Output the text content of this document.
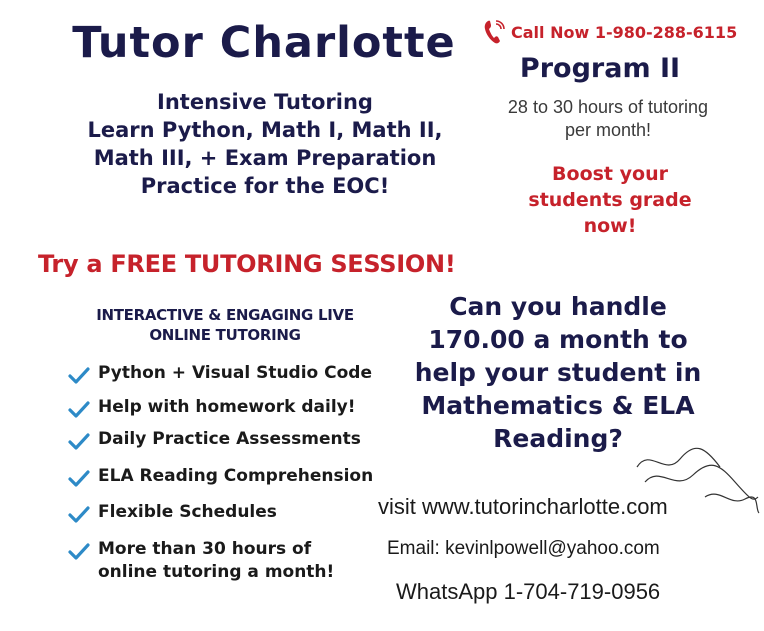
Tutor Charlotte
Intensive Tutoring
Learn Python, Math I, Math II,
Math III, + Exam Preparation
Practice for the EOC!
Call Now 1-980-288-6115
Program II
28 to 30 hours of tutoring
per month!
Boost your
students grade
now!
Try a FREE TUTORING SESSION!
INTERACTIVE & ENGAGING LIVE
ONLINE TUTORING
Python + Visual Studio Code
Help with homework daily!
Daily Practice Assessments
ELA Reading Comprehension
Flexible Schedules
More than 30 hours of
online tutoring a month!
Can you handle
170.00 a month to
help your student in
Mathematics & ELA
Reading?
visit www.tutorincharlotte.com
Email: kevinlpowell@yahoo.com
WhatsApp 1-704-719-0956
